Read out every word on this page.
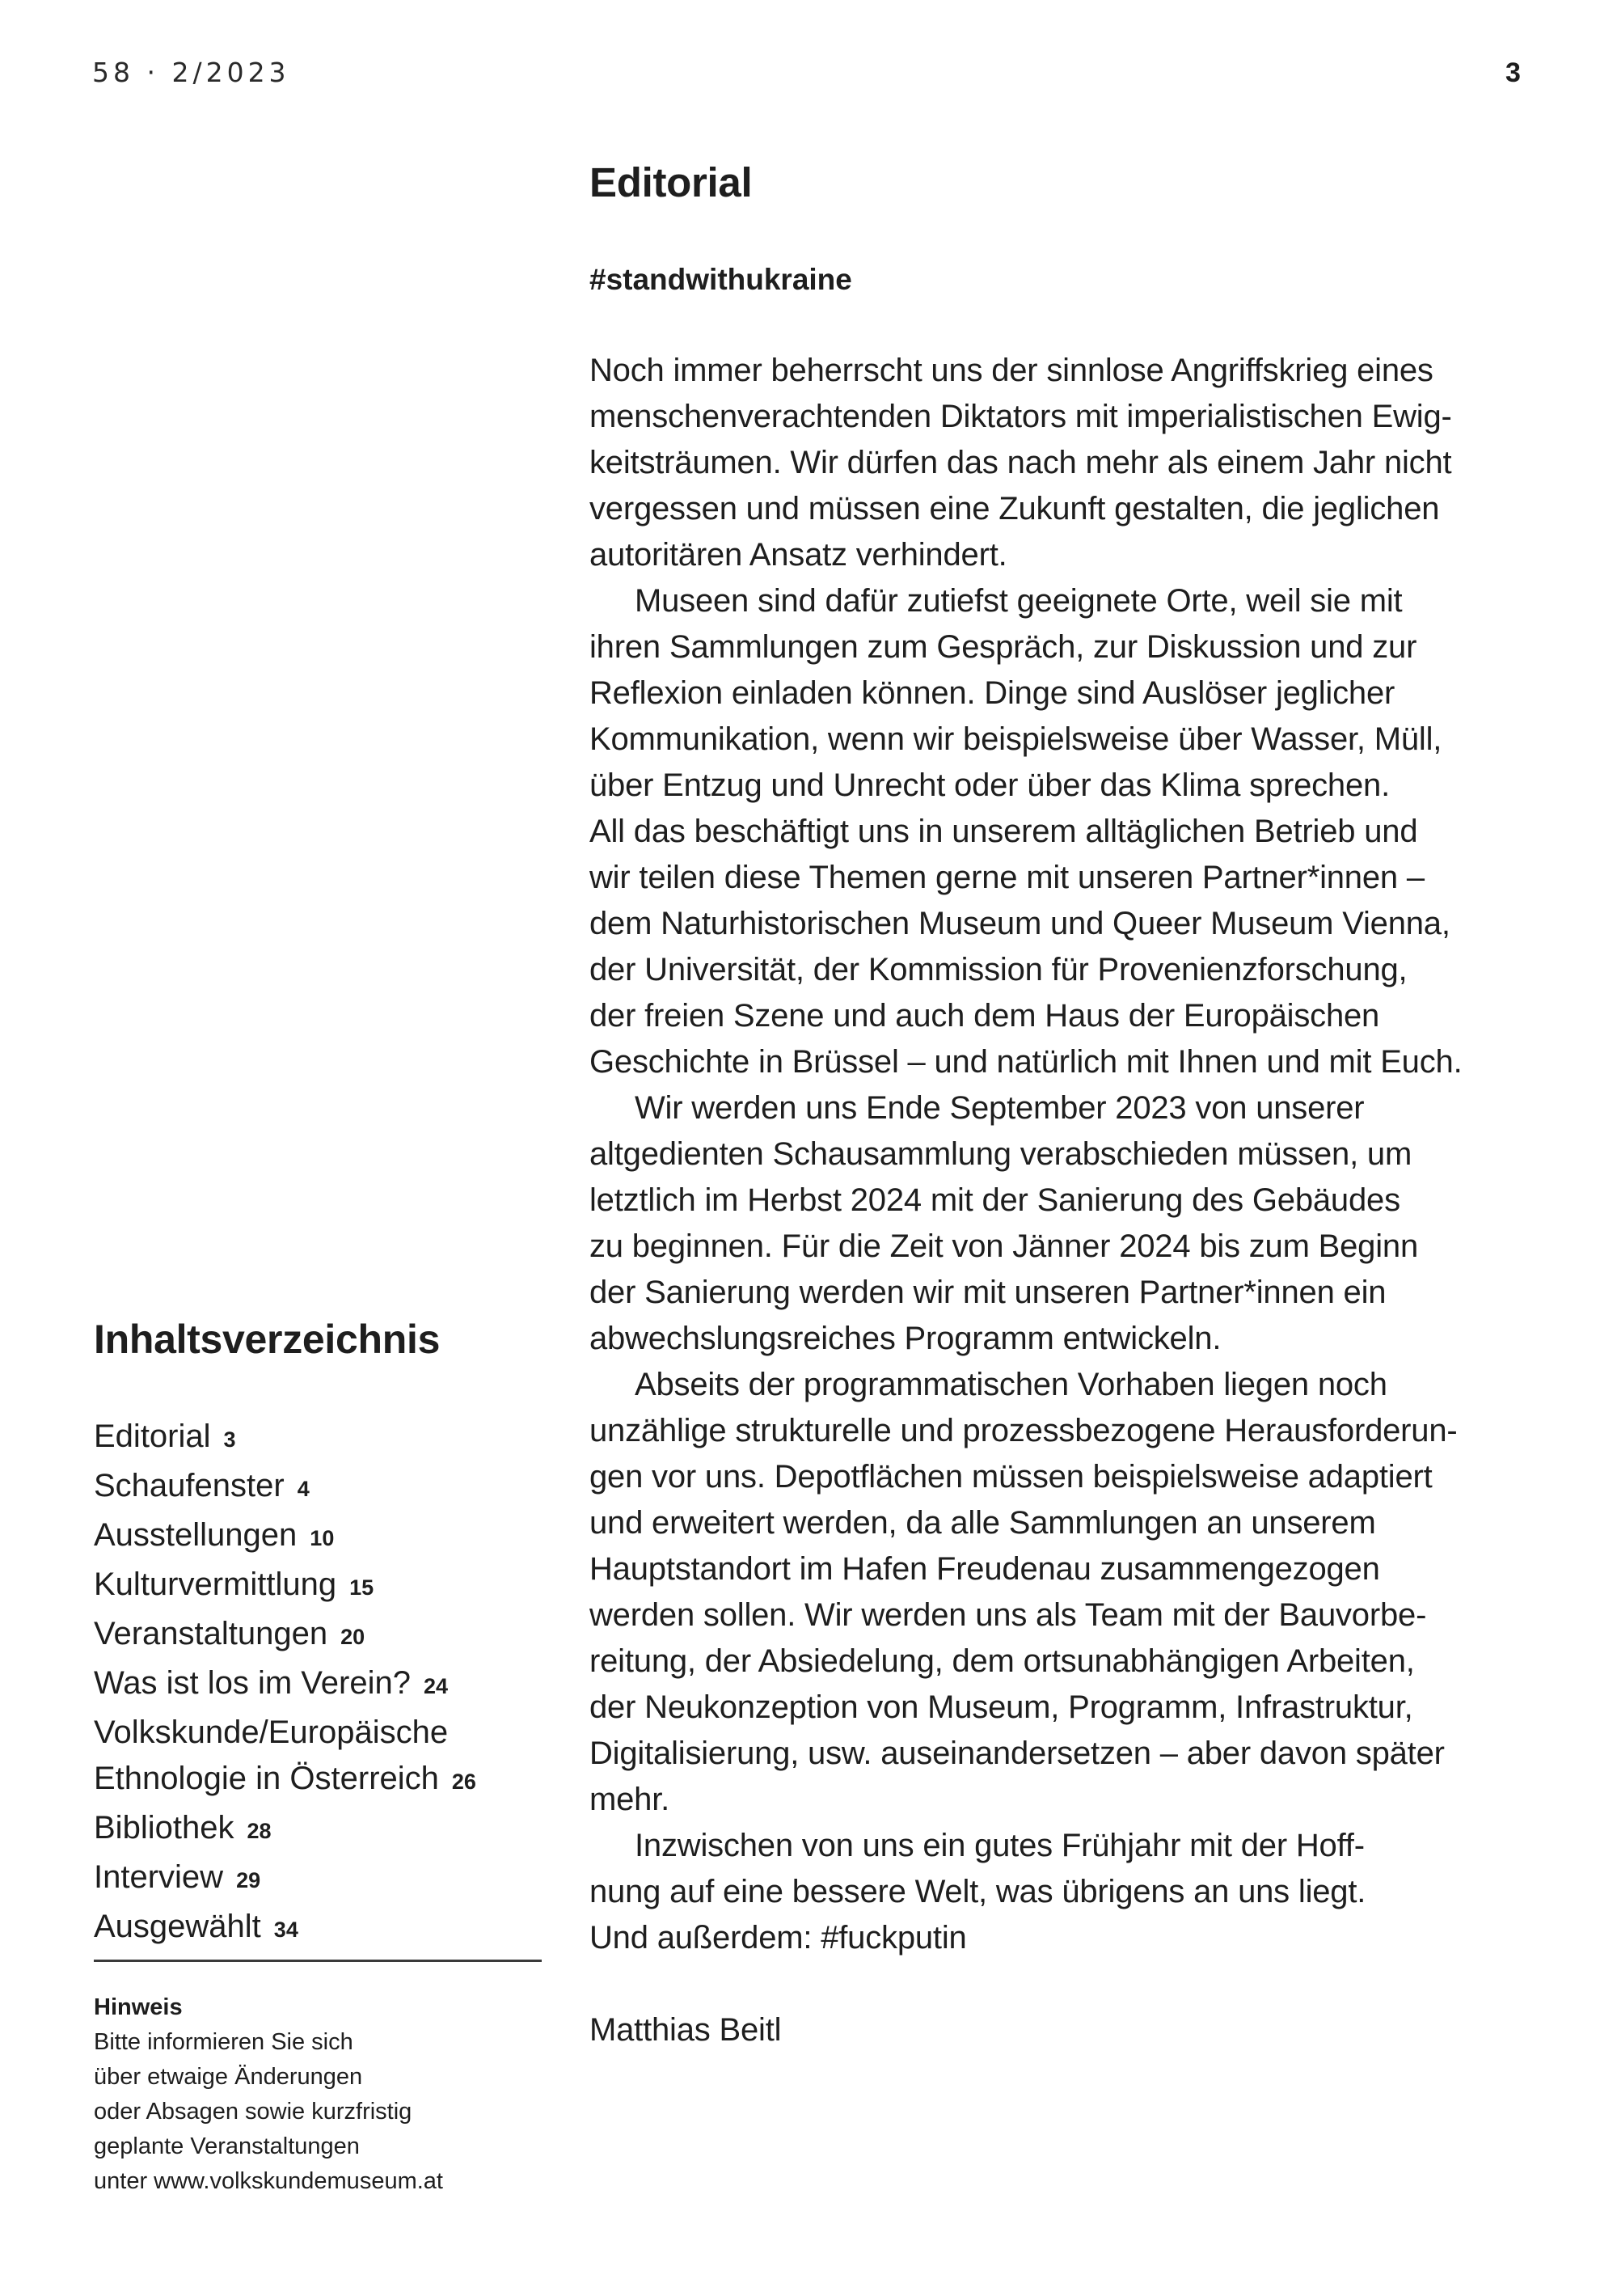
58 · 2/2023	3
Editorial
#standwithukraine
Noch immer beherrscht uns der sinnlose Angriffskrieg eines
menschenverachtenden Diktators mit imperialistischen Ewig-
keitsträumen. Wir dürfen das nach mehr als einem Jahr nicht
vergessen und müssen eine Zukunft gestalten, die jeglichen
autoritären Ansatz verhindert.
Museen sind dafür zutiefst geeignete Orte, weil sie mit
ihren Sammlungen zum Gespräch, zur Diskussion und zur
Reflexion einladen können. Dinge sind Auslöser jeglicher
Kommunikation, wenn wir beispielsweise über Wasser, Müll,
über Entzug und Unrecht oder über das Klima sprechen.
All das beschäftigt uns in unserem alltäglichen Betrieb und
wir teilen diese Themen gerne mit unseren Partner*innen –
dem Naturhistorischen Museum und Queer Museum Vienna,
der Universität, der Kommission für Provenienzforschung,
der freien Szene und auch dem Haus der Europäischen
Geschichte in Brüssel – und natürlich mit Ihnen und mit Euch.
Wir werden uns Ende September 2023 von unserer
altgedienten Schausammlung verabschieden müssen, um
letztlich im Herbst 2024 mit der Sanierung des Gebäudes
zu beginnen. Für die Zeit von Jänner 2024 bis zum Beginn
der Sanierung werden wir mit unseren Partner*innen ein
abwechslungsreiches Programm entwickeln.
Abseits der programmatischen Vorhaben liegen noch
unzählige strukturelle und prozessbezogene Herausforderun-
gen vor uns. Depotflächen müssen beispielsweise adaptiert
und erweitert werden, da alle Sammlungen an unserem
Hauptstandort im Hafen Freudenau zusammengezogen
werden sollen. Wir werden uns als Team mit der Bauvorbe-
reitung, der Absiedelung, dem ortsunabhängigen Arbeiten,
der Neukonzeption von Museum, Programm, Infrastruktur,
Digitalisierung, usw. auseinandersetzen – aber davon später
mehr.
Inzwischen von uns ein gutes Frühjahr mit der Hoff-
nung auf eine bessere Welt, was übrigens an uns liegt.
Und außerdem: #fuckputin
Matthias Beitl
Inhaltsverzeichnis
Editorial 3
Schaufenster 4
Ausstellungen 10
Kulturvermittlung 15
Veranstaltungen 20
Was ist los im Verein? 24
Volkskunde/Europäische
Ethnologie in Österreich 26
Bibliothek 28
Interview 29
Ausgewählt 34
Hinweis
Bitte informieren Sie sich
über etwaige Änderungen
oder Absagen sowie kurzfristig
geplante Veranstaltungen
unter www.volkskundemuseum.at
